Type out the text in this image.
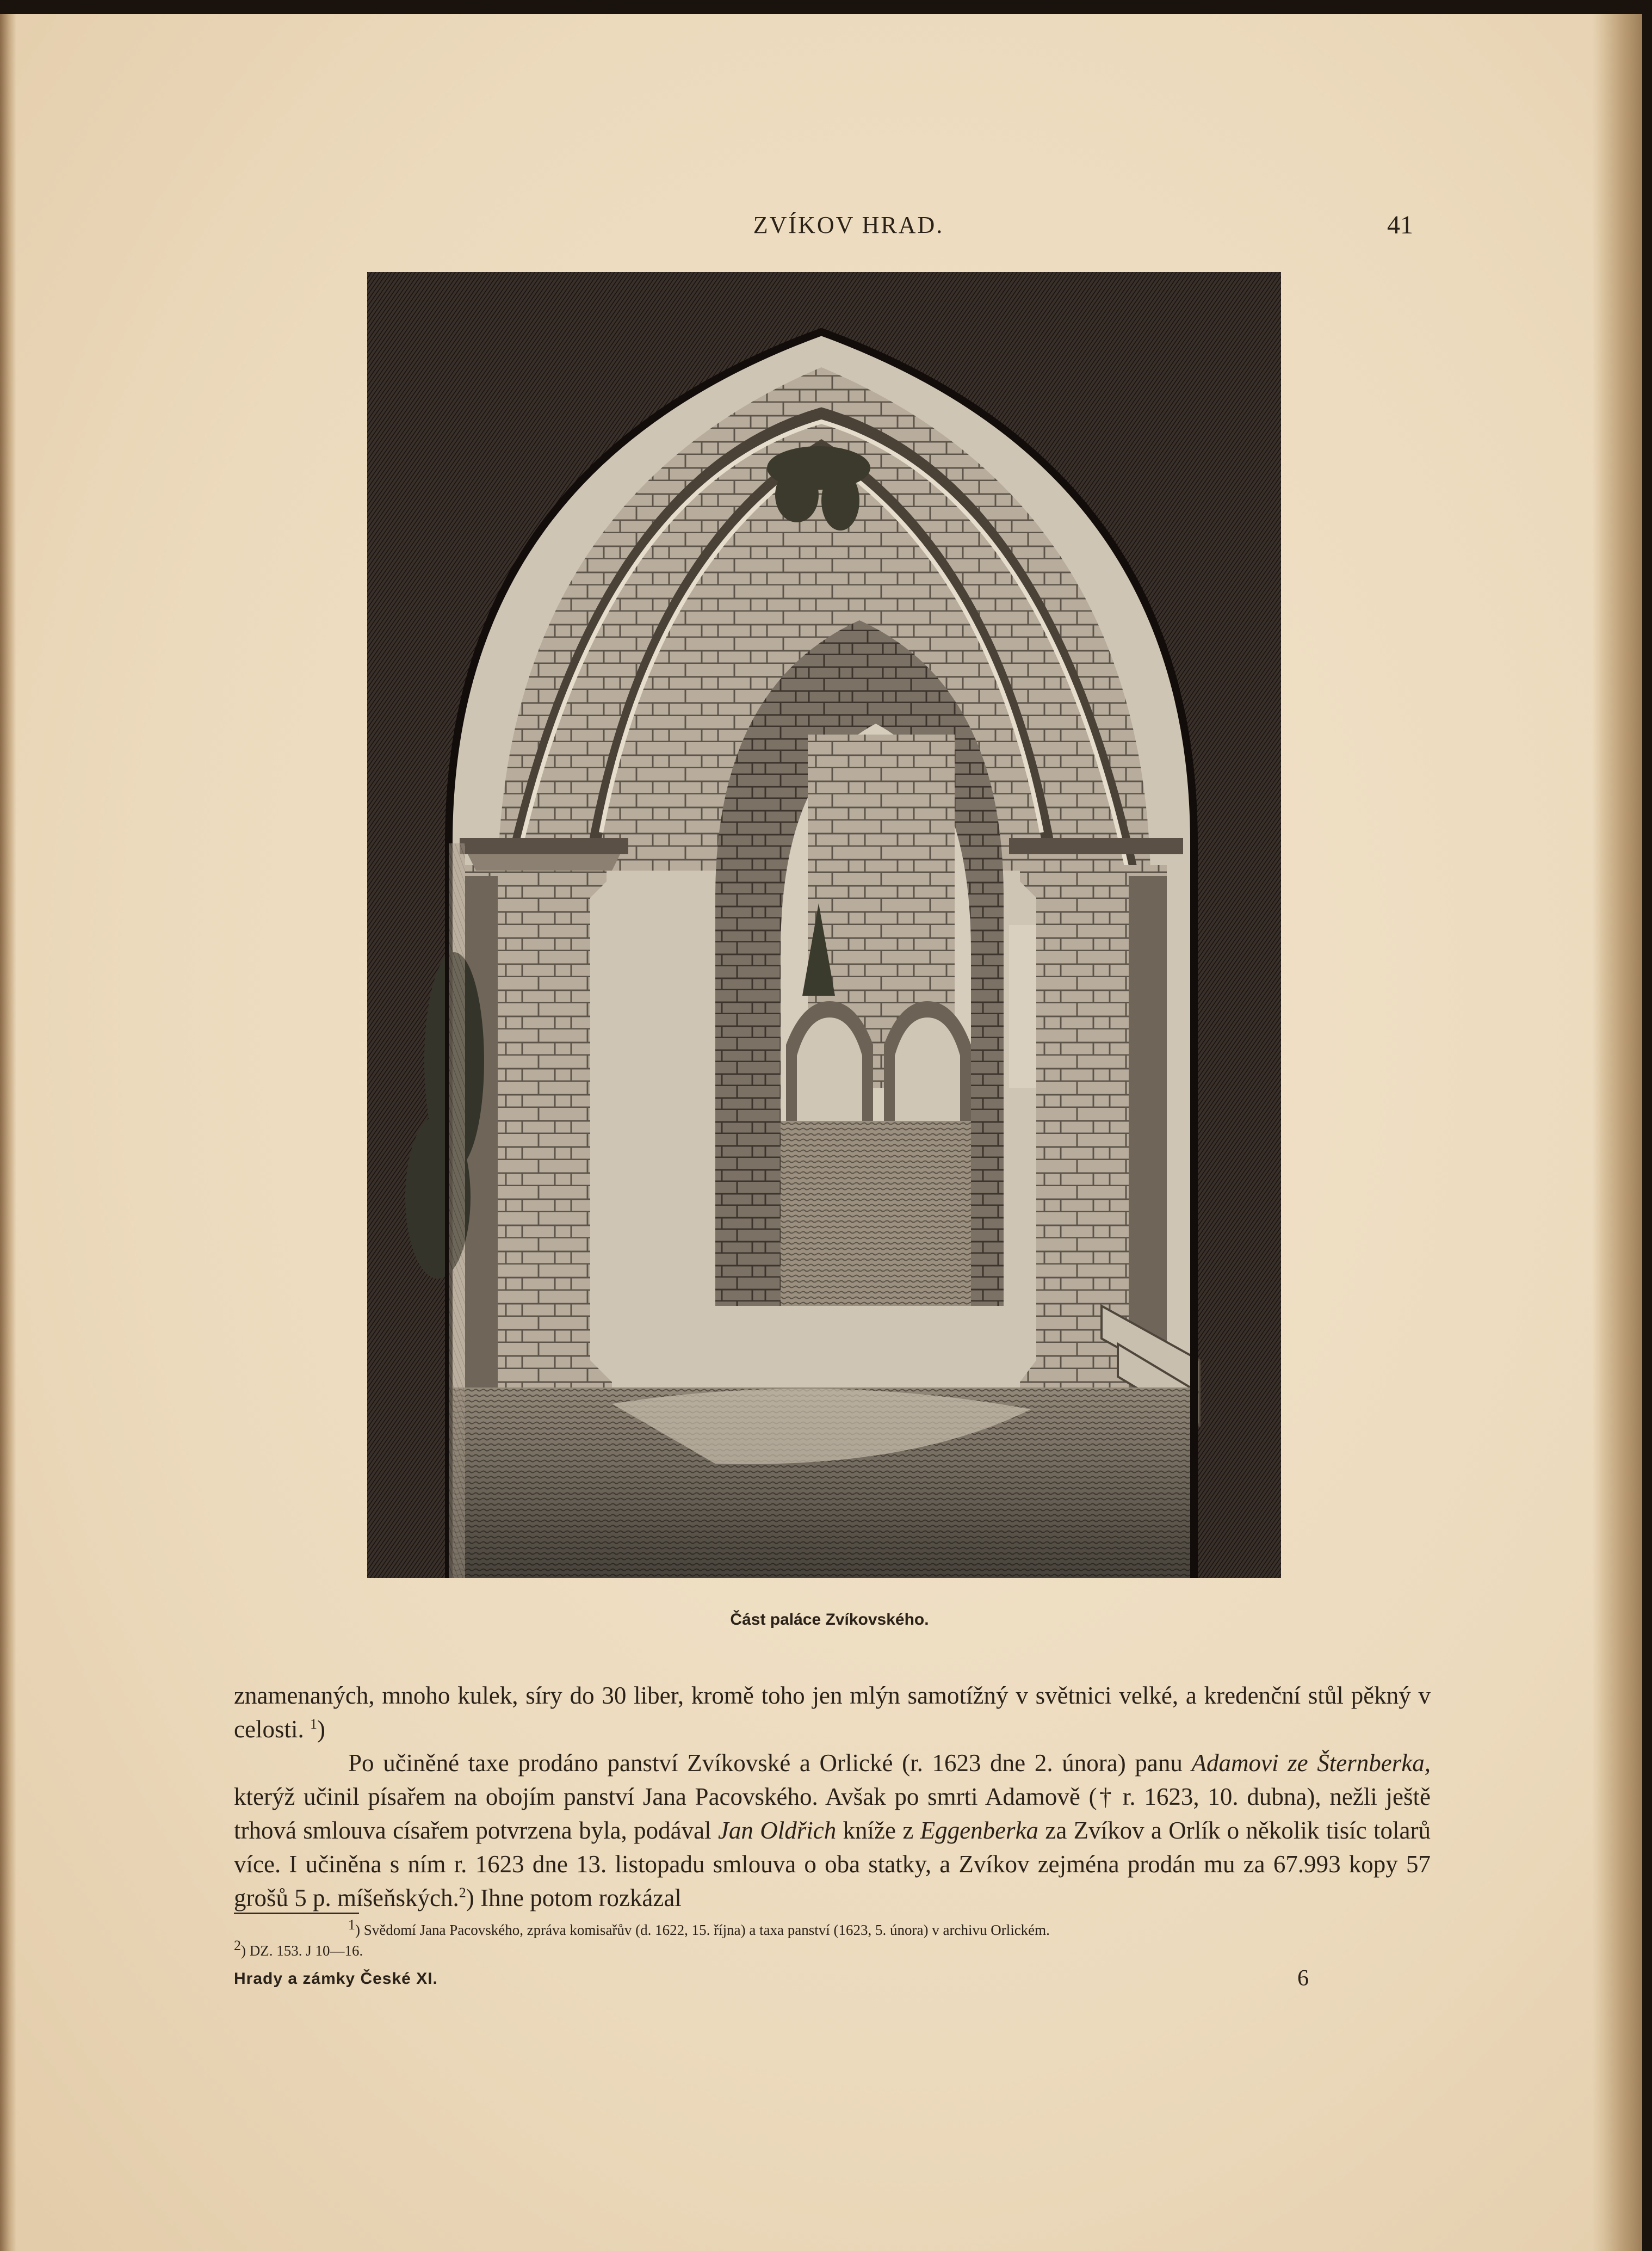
ZVÍKOV HRAD.	41
Část paláce Zvíkovského.

znamenaných, mnoho kulek, síry do 30 liber, kromě toho jen mlýn samotížný v světnici velké, a kredenční stůl pěkný v celosti. $^1$)

Po učiněné taxe prodáno panství Zvíkovské a Orlické (r. 1623 dne 2. února) panu Adamovi ze Šternberka, kterýž učinil písařem na obojím panství Jana Pacovského. Avšak po smrti Adamově († r. 1623, 10. dubna), nežli ještě trhová smlouva císařem potvrzena byla, podával Jan Oldřich kníže z Eggenberka za Zvíkov a Orlík o několik tisíc tolarů více. I učiněna s ním r. 1623 dne 13. listopadu smlouva o oba statky, a Zvíkov zejména prodán mu za 67.993 kopy 57 grošů 5 p. míšeňských.$^2$) Ihne potom rozkázal

$^1$) Svědomí Jana Pacovského, zpráva komisařův (d. 1622, 15. října) a taxa panství (1623, 5. února) v archivu Orlickém.

$^2$) DZ. 153. J 10—16.

Hrady a zámky České XI.	6
